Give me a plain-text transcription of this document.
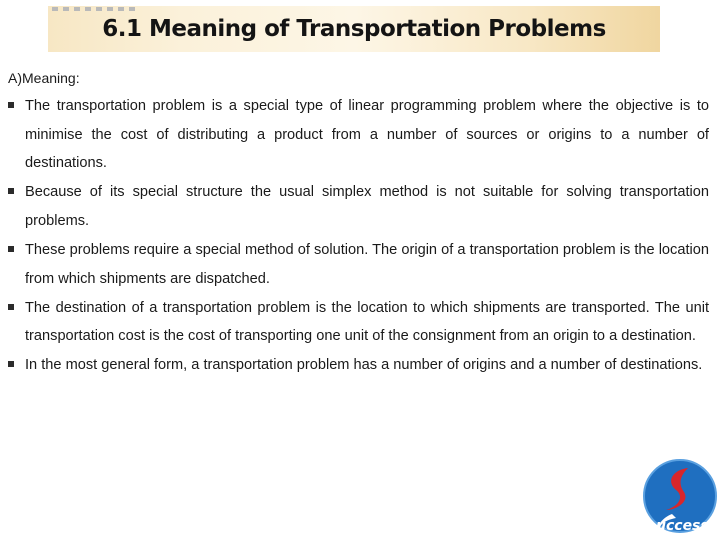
6.1 Meaning of Transportation Problems
A)Meaning:
The transportation problem is a special type of linear programming problem where the objective is to minimise the cost of distributing a product from a number of sources or origins to a number of destinations.
Because of its special structure the usual simplex method is not suitable for solving transportation problems.
These problems require a special method of solution. The origin of a transportation problem is the location from which shipments are dispatched.
The destination of a transportation problem is the location to which shipments are transported. The unit transportation cost is the cost of transporting one unit of the consignment from an origin to a destination.
In the most general form, a transportation problem has a number of origins and a number of destinations.
uccess
